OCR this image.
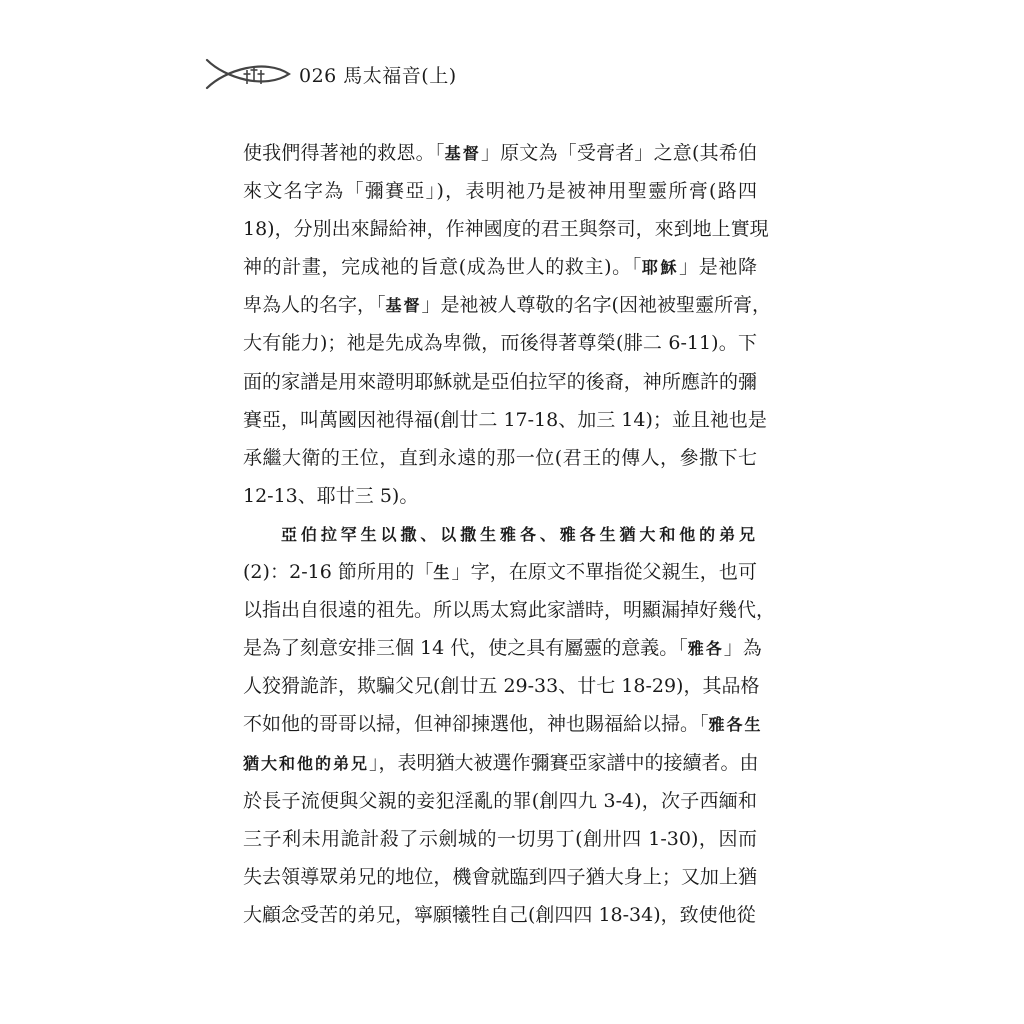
026 馬太福音(上)
使我們得著祂的救恩。「基督」原文為「受膏者」之意(其希伯
來文名字為「彌賽亞」)，表明祂乃是被神用聖靈所膏(路四
18)，分別出來歸給神，作神國度的君王與祭司，來到地上實現
神的計畫，完成祂的旨意(成為世人的救主)。「耶穌」是祂降
卑為人的名字，「基督」是祂被人尊敬的名字(因祂被聖靈所膏，
大有能力)；祂是先成為卑微，而後得著尊榮(腓二 6-11)。下
面的家譜是用來證明耶穌就是亞伯拉罕的後裔，神所應許的彌
賽亞，叫萬國因祂得福(創廿二 17-18、加三 14)；並且祂也是
承繼大衛的王位，直到永遠的那一位(君王的傳人，參撒下七
12-13、耶廿三 5)。
亞伯拉罕生以撒、以撒生雅各、雅各生猶大和他的弟兄
(2)：2-16 節所用的「生」字，在原文不單指從父親生，也可
以指出自很遠的祖先。所以馬太寫此家譜時，明顯漏掉好幾代，
是為了刻意安排三個 14 代，使之具有屬靈的意義。「雅各」為
人狡猾詭詐，欺騙父兄(創廿五 29-33、廿七 18-29)，其品格
不如他的哥哥以掃，但神卻揀選他，神也賜福給以掃。「雅各生
猶大和他的弟兄」，表明猶大被選作彌賽亞家譜中的接續者。由
於長子流便與父親的妾犯淫亂的罪(創四九 3-4)，次子西緬和
三子利未用詭計殺了示劍城的一切男丁(創卅四 1-30)，因而
失去領導眾弟兄的地位，機會就臨到四子猶大身上；又加上猶
大顧念受苦的弟兄，寧願犧牲自己(創四四 18-34)，致使他從
